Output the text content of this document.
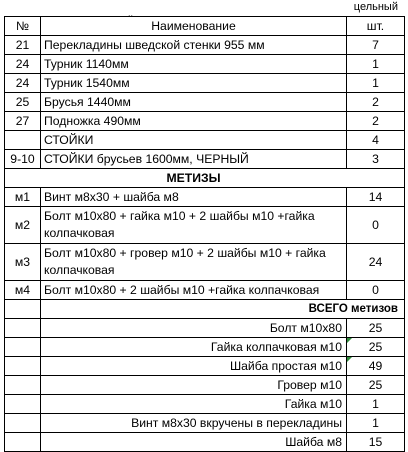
..	цельный
№	Наименование	шт.
21	Перекладины шведской стенки 955 мм	7
24	Турник 1140мм	1
24	Турник 1540мм	1
25	Брусья 1440мм	2
27	Подножка 490мм	2
	СТОЙКИ	4
9-10	СТОЙКИ брусьев 1600мм, ЧЕРНЫЙ	3
	МЕТИЗЫ	
м1	Винт м8х30 + шайба м8	14
м2	Болт м10х80 + гайка м10 + 2 шайбы м10 +гайка колпачковая	0
м3	Болт м10х80 + гровер м10 + 2 шайбы м10 + гайка колпачковая	24
м4	Болт м10х80 + 2 шайбы м10 +гайка колпачковая	0
	ВСЕГО метизов	
	Болт м10х80	25
	Гайка колпачковая м10	25
	Шайба простая м10	49
	Гровер м10	25
	Гайка м10	1
	Винт м8х30 вкручены в перекладины	1
	Шайба м8	15
